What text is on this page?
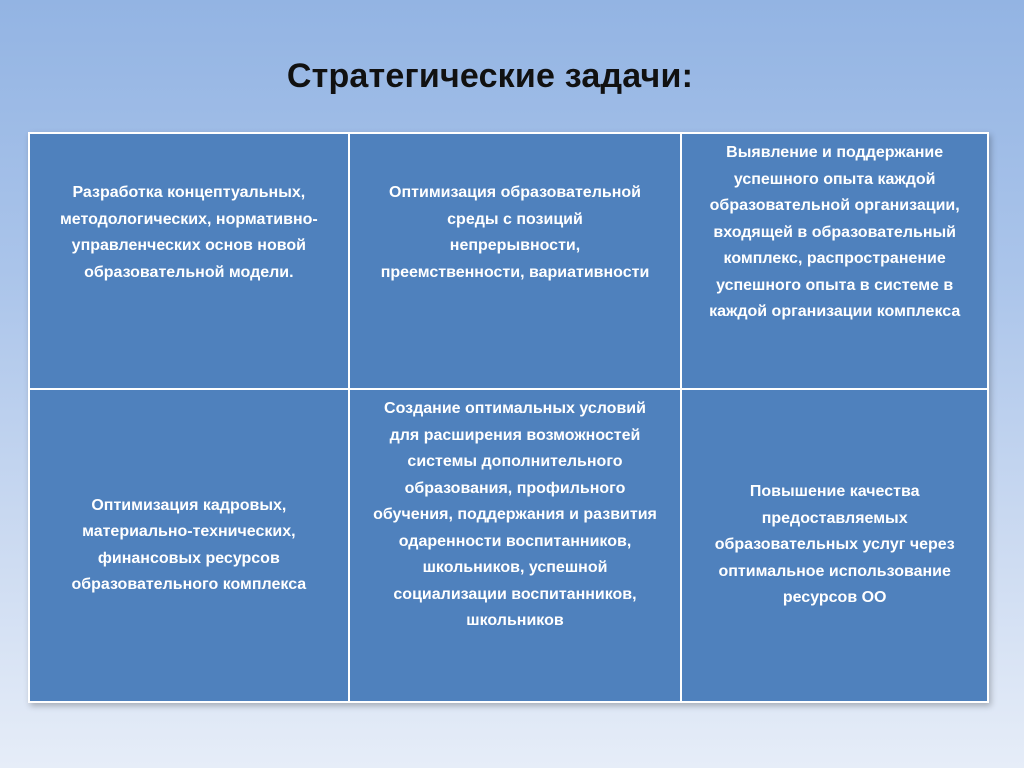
Стратегические задачи:
Разработка концептуальных, методологических, нормативно-управленческих основ новой образовательной модели.	Оптимизация образовательной среды с позиций непрерывности, преемственности, вариативности	Выявление и поддержание успешного опыта каждой образовательной организации, входящей в образовательный комплекс, распространение успешного опыта в системе в каждой организации комплекса

Оптимизация кадровых, материально-технических, финансовых ресурсов образовательного комплекса	Создание оптимальных условий для расширения возможностей системы дополнительного образования, профильного обучения, поддержания и развития одаренности воспитанников, школьников, успешной социализации воспитанников, школьников	Повышение качества предоставляемых образовательных услуг через оптимальное использование ресурсов ОО
